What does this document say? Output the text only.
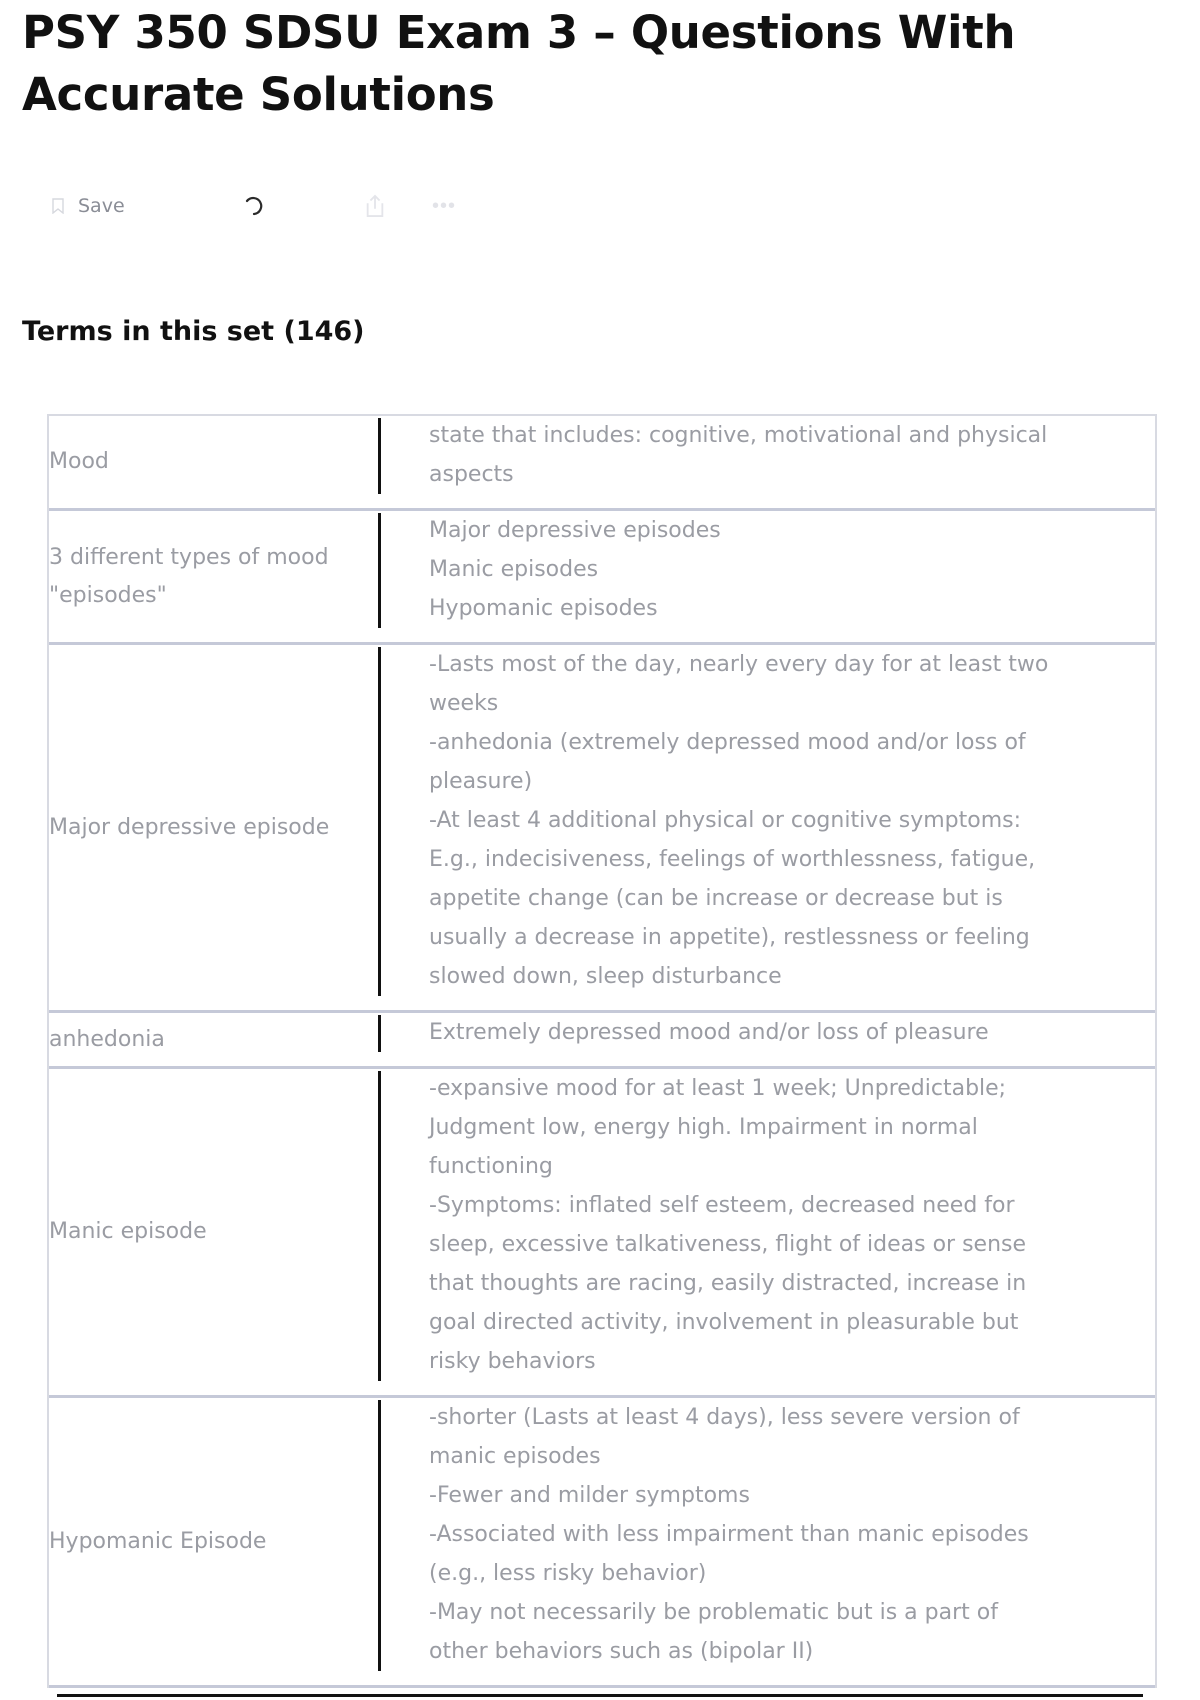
PSY 350 SDSU Exam 3 – Questions With Accurate Solutions
Save	•••
Terms in this set (146)
Mood
state that includes: cognitive, motivational and physical aspects
3 different types of mood "episodes"
Major depressive episodes
Manic episodes
Hypomanic episodes
Major depressive episode
-Lasts most of the day, nearly every day for at least two weeks
-anhedonia (extremely depressed mood and/or loss of pleasure)
-At least 4 additional physical or cognitive symptoms: E.g., indecisiveness, feelings of worthlessness, fatigue, appetite change (can be increase or decrease but is usually a decrease in appetite), restlessness or feeling slowed down, sleep disturbance
anhedonia	Extremely depressed mood and/or loss of pleasure
Manic episode
-expansive mood for at least 1 week; Unpredictable; Judgment low, energy high. Impairment in normal functioning
-Symptoms: inflated self esteem, decreased need for sleep, excessive talkativeness, flight of ideas or sense that thoughts are racing, easily distracted, increase in goal directed activity, involvement in pleasurable but risky behaviors
Hypomanic Episode
-shorter (Lasts at least 4 days), less severe version of manic episodes
-Fewer and milder symptoms
-Associated with less impairment than manic episodes (e.g., less risky behavior)
-May not necessarily be problematic but is a part of other behaviors such as (bipolar II)
